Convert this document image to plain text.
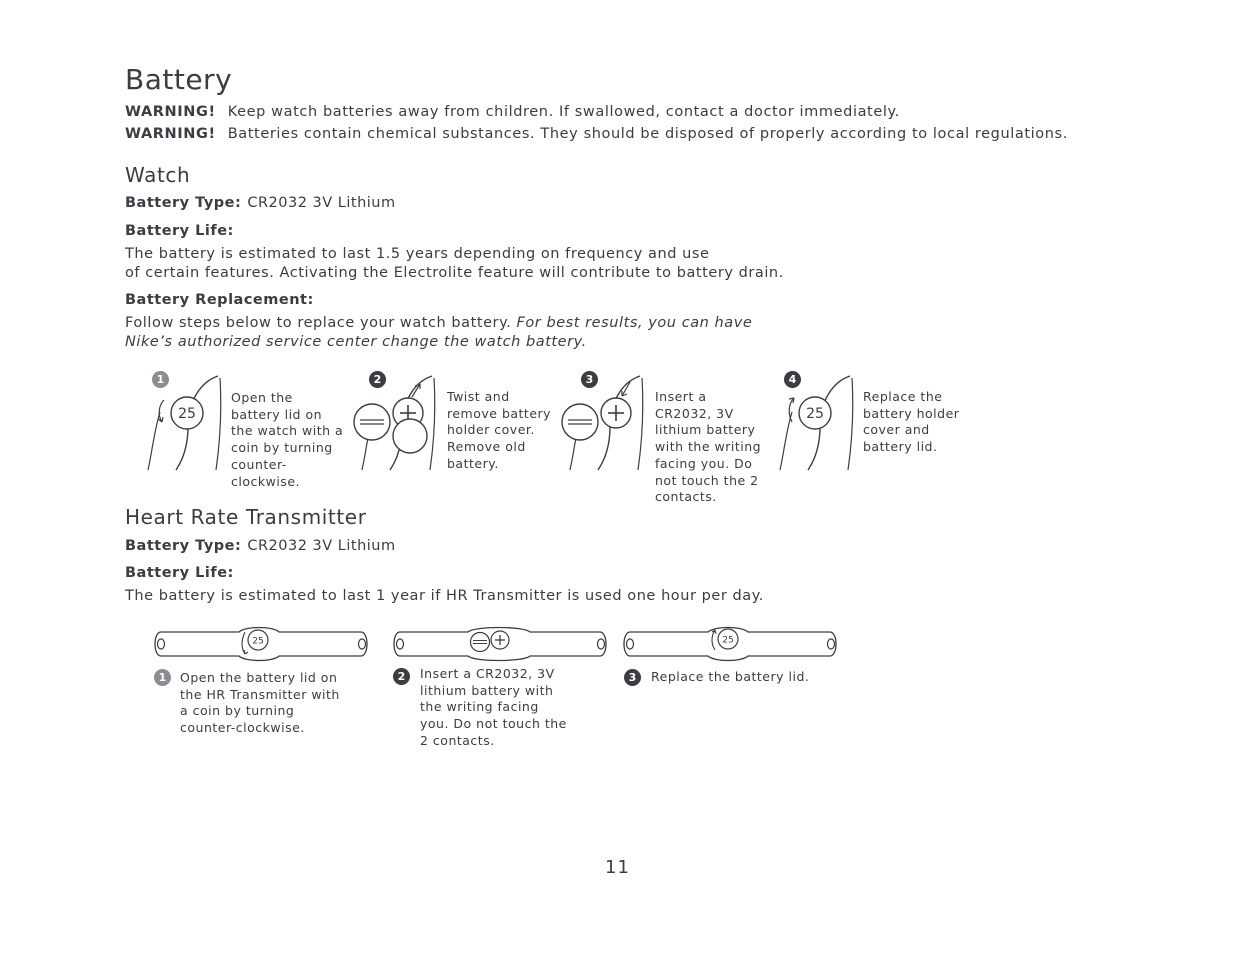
Battery
WARNING! Keep watch batteries away from children. If swallowed, contact a doctor immediately.
WARNING! Batteries contain chemical substances. They should be disposed of properly according to local regulations.
Watch
Battery Type: CR2032 3V Lithium
Battery Life:
The battery is estimated to last 1.5 years depending on frequency and use
of certain features. Activating the Electrolite feature will contribute to battery drain.
Battery Replacement:
Follow steps below to replace your watch battery. For best results, you can have
Nike’s authorized service center change the watch battery.
1
25
Open the battery lid on the watch with a coin by turning counter-clockwise.
2
Twist and remove battery holder cover. Remove old battery.
3
Insert a CR2032, 3V lithium battery with the writing facing you. Do not touch the 2 contacts.
4
25
Replace the battery holder cover and battery lid.
Heart Rate Transmitter
Battery Type: CR2032 3V Lithium
Battery Life:
The battery is estimated to last 1 year if HR Transmitter is used one hour per day.
25
1	Open the battery lid on the HR Transmitter with a coin by turning counter-clockwise.
2	Insert a CR2032, 3V lithium battery with the writing facing you. Do not touch the 2 contacts.
25
3	Replace the battery lid.
11
